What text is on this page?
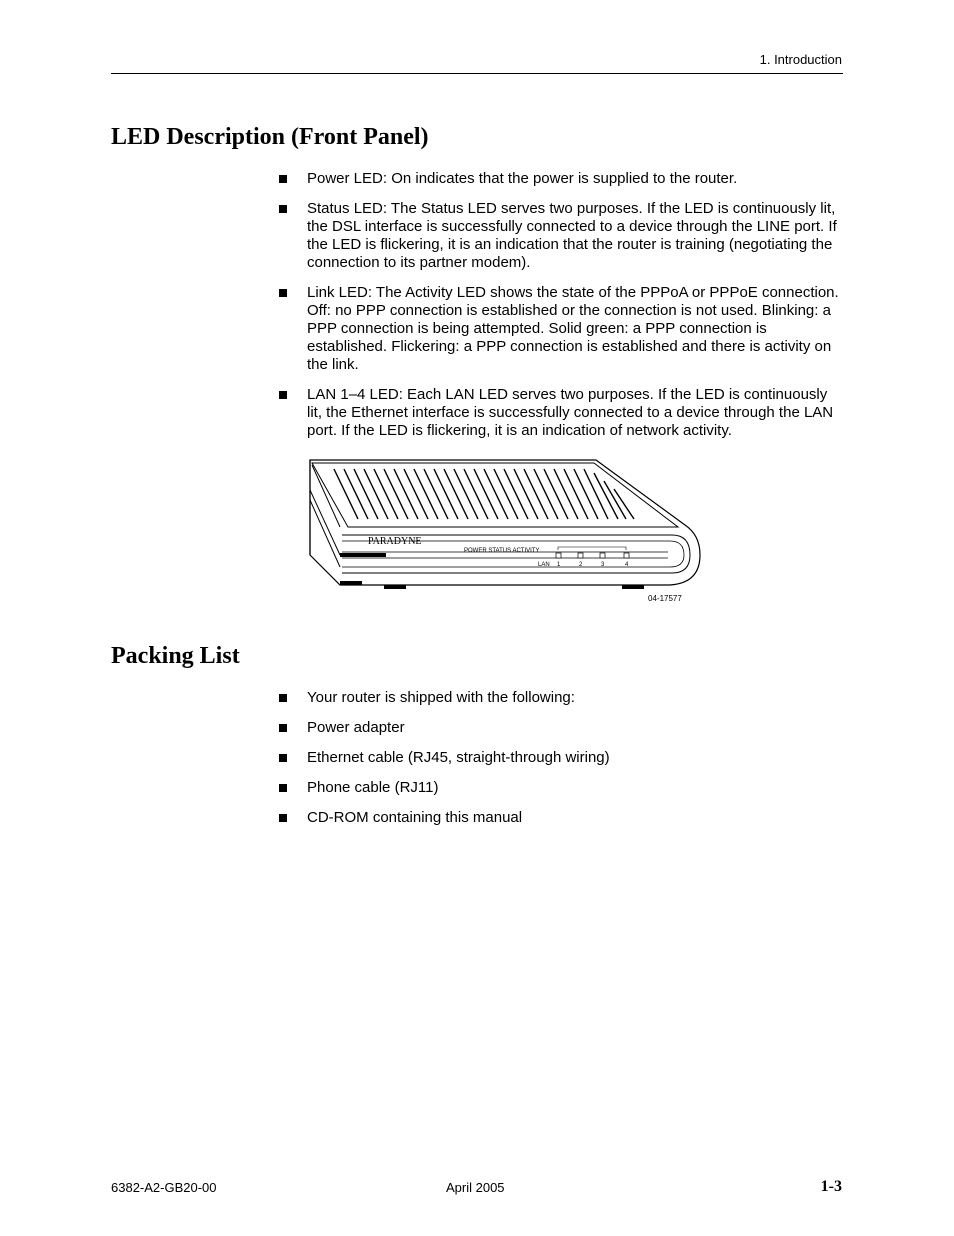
1. Introduction
LED Description (Front Panel)
Power LED: On indicates that the power is supplied to the router.
Status LED: The Status LED serves two purposes. If the LED is continuously lit, the DSL interface is successfully connected to a device through the LINE port. If the LED is flickering, it is an indication that the router is training (negotiating the connection to its partner modem).
Link LED: The Activity LED shows the state of the PPPoA or PPPoE connection. Off: no PPP connection is established or the connection is not used. Blinking: a PPP connection is being attempted. Solid green: a PPP connection is established. Flickering: a PPP connection is established and there is activity on the link.
LAN 1–4 LED: Each LAN LED serves two purposes. If the LED is continuously lit, the Ethernet interface is successfully connected to a device through the LAN port. If the LED is flickering, it is an indication of network activity.
PARADYNE
POWER STATUS ACTIVITY
LAN 1	2	3	4
04-17577
Packing List
Your router is shipped with the following:
Power adapter
Ethernet cable (RJ45, straight-through wiring)
Phone cable (RJ11)
CD-ROM containing this manual
6382-A2-GB20-00	April 2005	1-3
